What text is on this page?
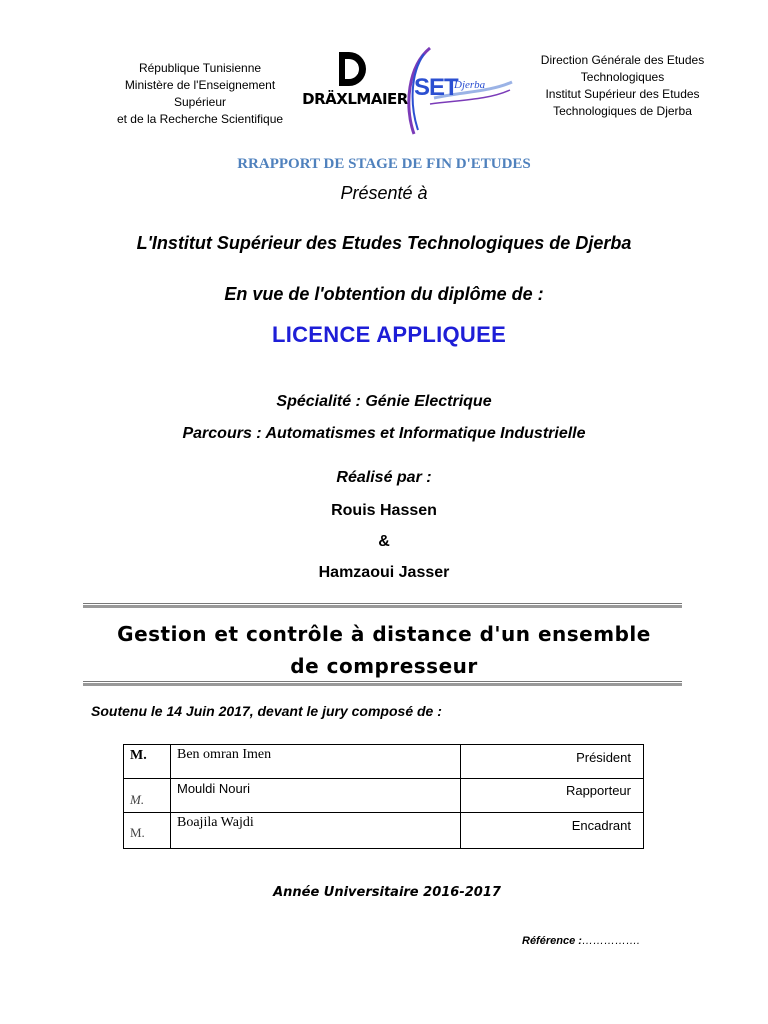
République Tunisienne
Ministère de l'Enseignement
Supérieur
et de la Recherche Scientifique
DRÄXLMAIER SET
Djerba
Direction Générale des Etudes
Technologiques
Institut Supérieur des Etudes
Technologiques de Djerba
RRAPPORT DE STAGE DE FIN D'ETUDES
Présenté à
L'Institut Supérieur des Etudes Technologiques de Djerba
En vue de l'obtention du diplôme de :
LICENCE APPLIQUEE
Spécialité : Génie Electrique
Parcours : Automatismes et Informatique Industrielle
Réalisé par :
Rouis Hassen
&
Hamzaoui Jasser
Gestion et contrôle à distance d'un ensemble
de compresseur
Soutenu le 14 Juin 2017, devant le jury composé de :
M.	Ben omran Imen	Président
M.	Mouldi Nouri	Rapporteur
M.	Boajila Wajdi	Encadrant
Année Universitaire 2016-2017
Référence :…………….
